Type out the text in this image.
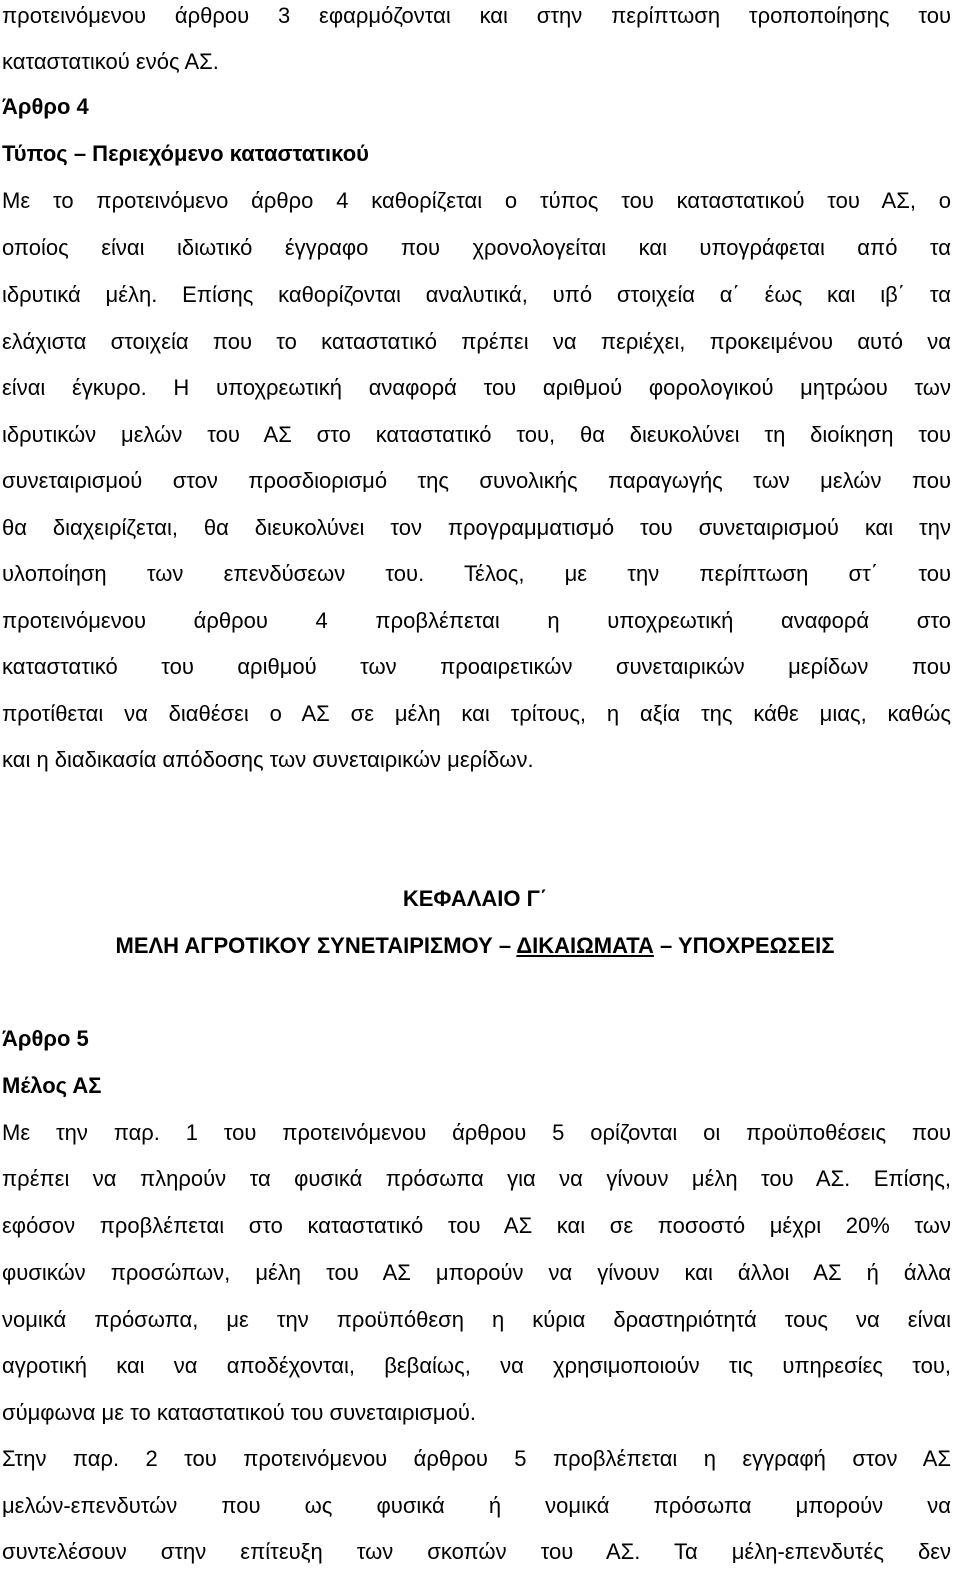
προτεινόμενου άρθρου 3 εφαρμόζονται και στην περίπτωση τροποποίησης του
καταστατικού ενός ΑΣ.
Άρθρο 4
Τύπος – Περιεχόμενο καταστατικού
Με το προτεινόμενο άρθρο 4 καθορίζεται ο τύπος του καταστατικού του ΑΣ, ο
οποίος είναι ιδιωτικό έγγραφο που χρονολογείται και υπογράφεται από τα
ιδρυτικά μέλη. Επίσης καθορίζονται αναλυτικά, υπό στοιχεία α΄ έως και ιβ΄ τα
ελάχιστα στοιχεία που το καταστατικό πρέπει να περιέχει, προκειμένου αυτό να
είναι έγκυρο. Η υποχρεωτική αναφορά του αριθμού φορολογικού μητρώου των
ιδρυτικών μελών του ΑΣ στο καταστατικό του, θα διευκολύνει τη διοίκηση του
συνεταιρισμού στον προσδιορισμό της συνολικής παραγωγής των μελών που
θα διαχειρίζεται, θα διευκολύνει τον προγραμματισμό του συνεταιρισμού και την
υλοποίηση των επενδύσεων του. Τέλος, με την περίπτωση στ΄ του
προτεινόμενου άρθρου 4 προβλέπεται η υποχρεωτική αναφορά στο
καταστατικό του αριθμού των προαιρετικών συνεταιρικών μερίδων που
προτίθεται να διαθέσει ο ΑΣ σε μέλη και τρίτους, η αξία της κάθε μιας, καθώς
και η διαδικασία απόδοσης των συνεταιρικών μερίδων.
ΚΕΦΑΛΑΙΟ Γ΄
ΜΕΛΗ ΑΓΡΟΤΙΚΟΥ ΣΥΝΕΤΑΙΡΙΣΜΟΥ – ΔΙΚΑΙΩΜΑΤΑ – ΥΠΟΧΡΕΩΣΕΙΣ
Άρθρο 5
Μέλος ΑΣ
Με την παρ. 1 του προτεινόμενου άρθρου 5 ορίζονται οι προϋποθέσεις που
πρέπει να πληρούν τα φυσικά πρόσωπα για να γίνουν μέλη του ΑΣ. Επίσης,
εφόσον προβλέπεται στο καταστατικό του ΑΣ και σε ποσοστό μέχρι 20% των
φυσικών προσώπων, μέλη του ΑΣ μπορούν να γίνουν και άλλοι ΑΣ ή άλλα
νομικά πρόσωπα, με την προϋπόθεση η κύρια δραστηριότητά τους να είναι
αγροτική και να αποδέχονται, βεβαίως, να χρησιμοποιούν τις υπηρεσίες του,
σύμφωνα με το καταστατικού του συνεταιρισμού.
Στην παρ. 2 του προτεινόμενου άρθρου 5 προβλέπεται η εγγραφή στον ΑΣ
μελών-επενδυτών που ως φυσικά ή νομικά πρόσωπα μπορούν να
συντελέσουν στην επίτευξη των σκοπών του ΑΣ. Τα μέλη-επενδυτές δεν
